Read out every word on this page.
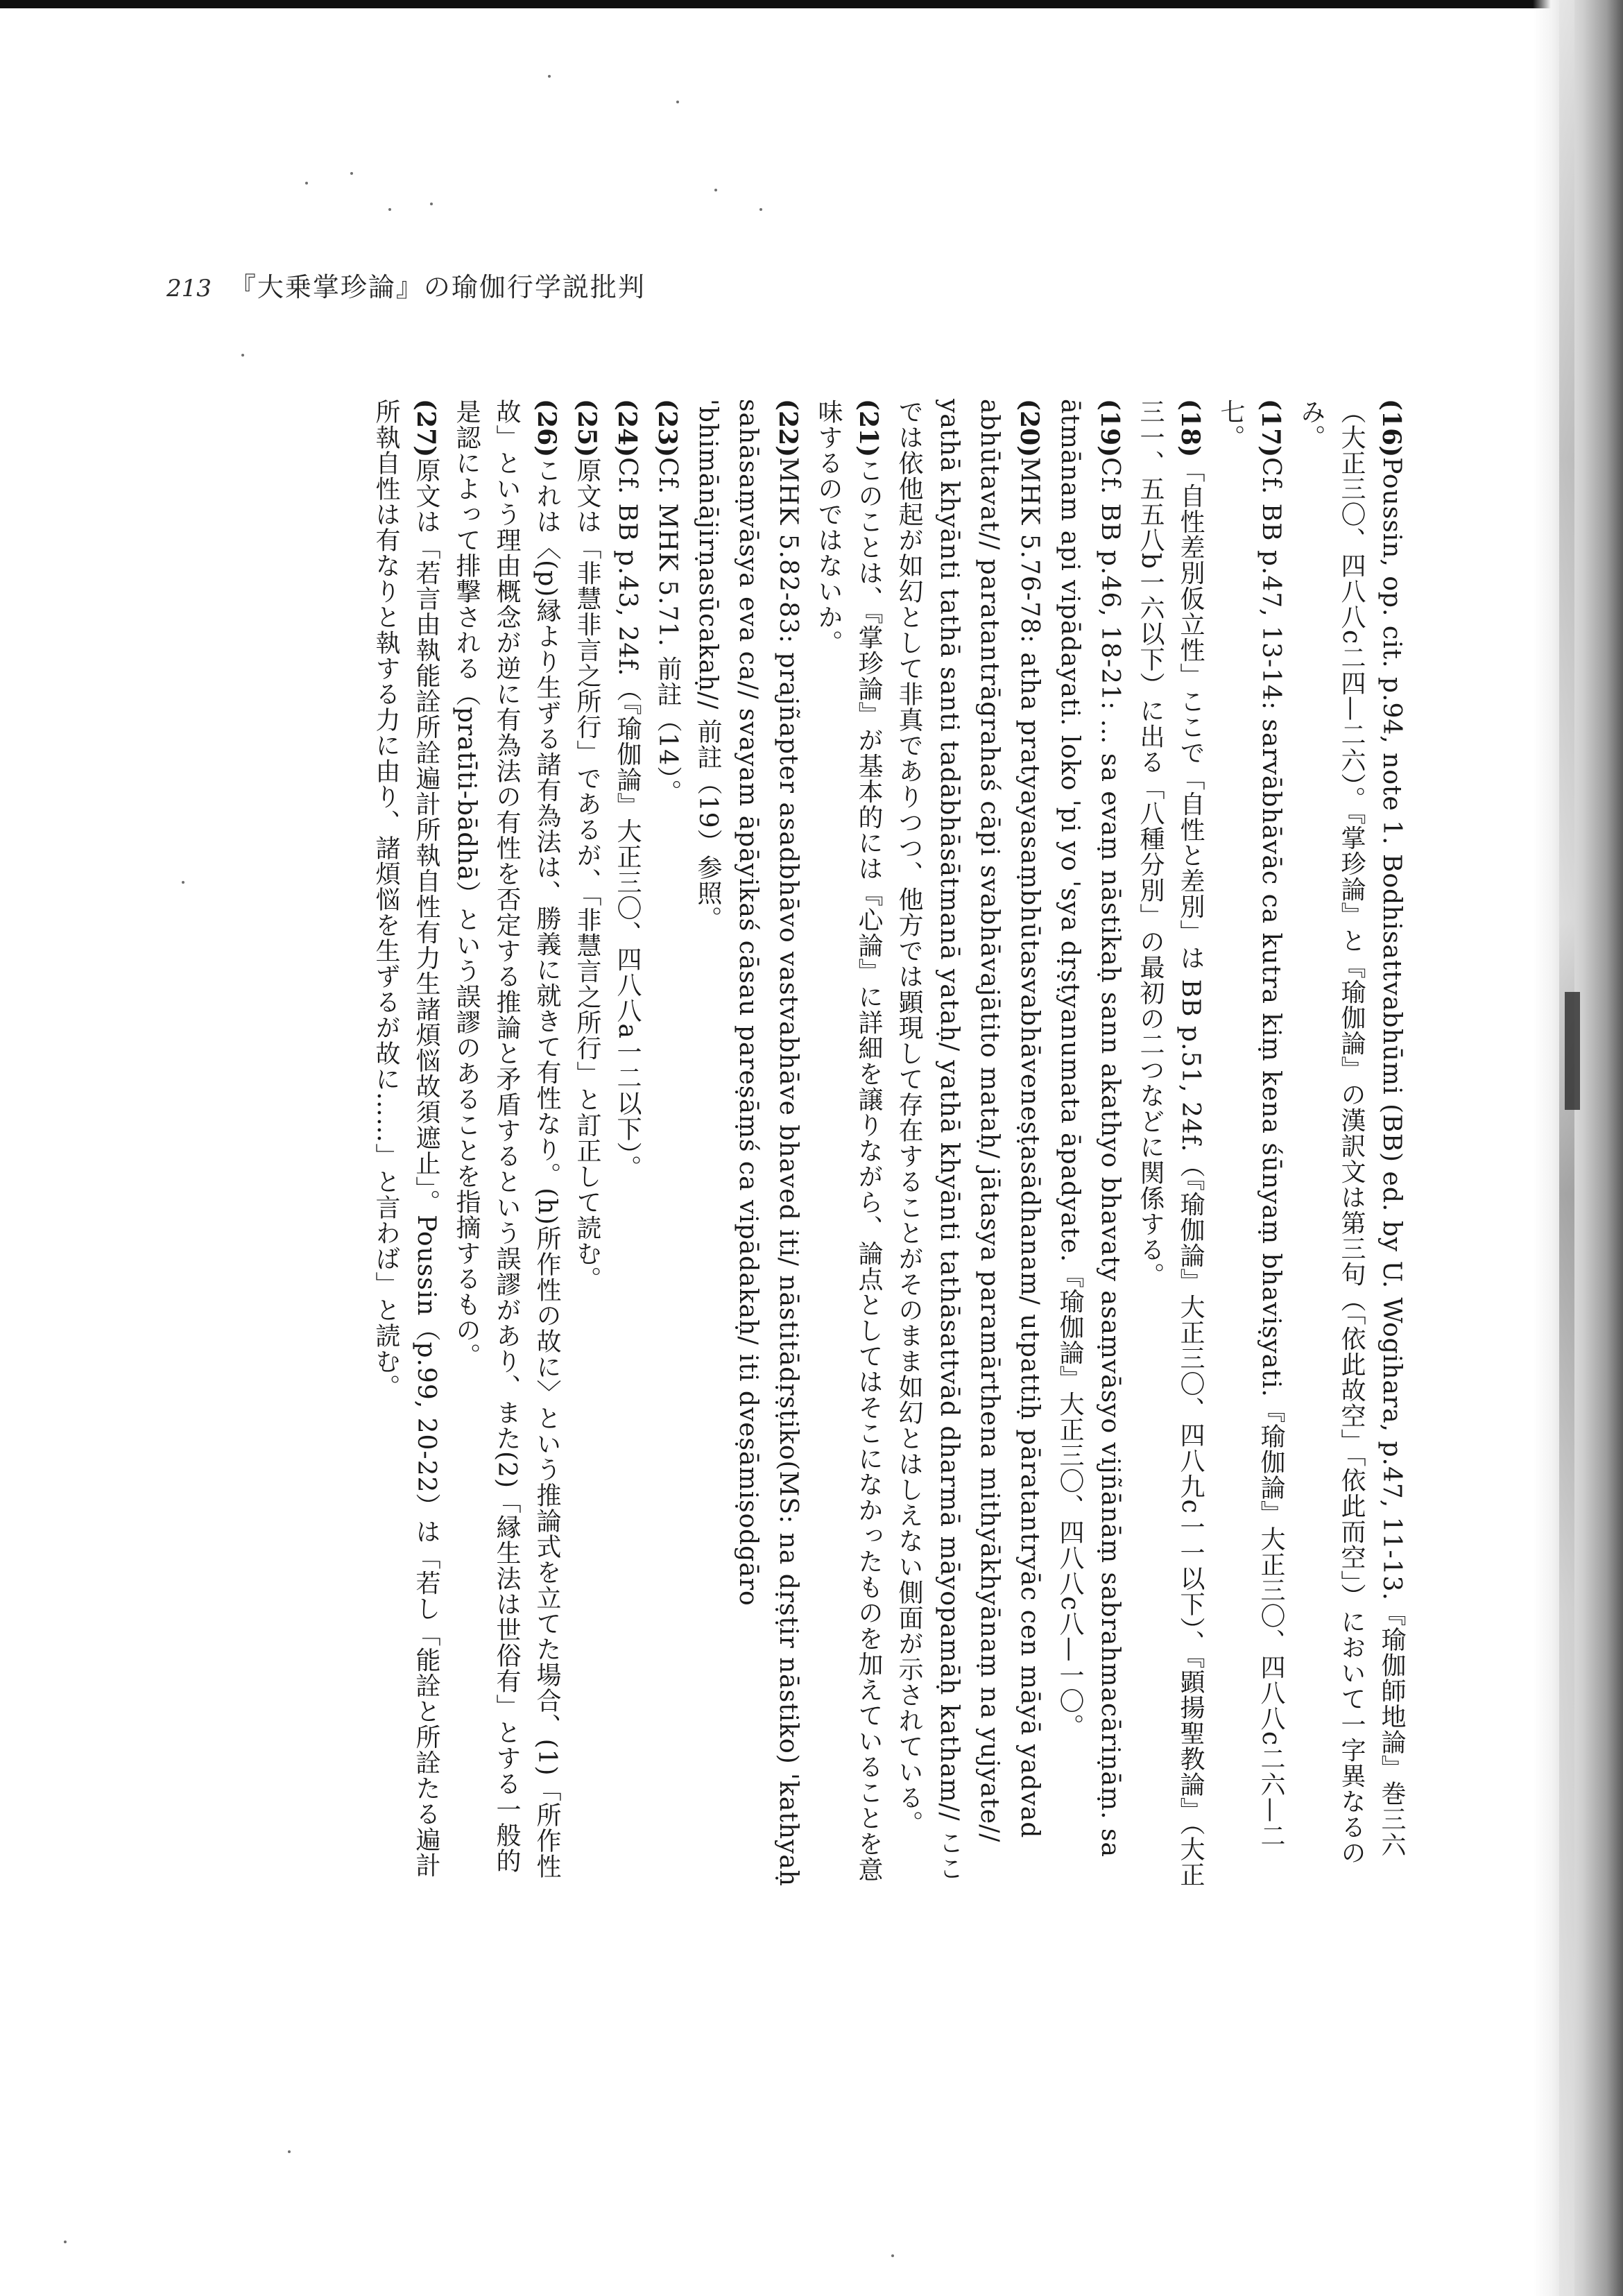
213 『大乗掌珍論』の瑜伽行学説批判

(16)Poussin, op. cit. p.94, note 1. Bodhisattvabhūmi (BB) ed. by U. Wogihara, p.47, 11-13.『瑜伽師地論』巻三六（大正三〇、四八八c二四—二六）。『掌珍論』と『瑜伽論』の漢訳文は第三句（「依此故空」「依此而空」）において一字異なるのみ。

(17)Cf. BB p.47, 13-14: sarvābhāvāc ca kutra kiṃ kena śūnyaṃ bhaviṣyati.『瑜伽論』大正三〇、四八八c二六—二七。

(18)「自性差別仮立性」ここで「自性と差別」は BB p.51, 24f.（『瑜伽論』大正三〇、四八九c一一以下）、『顕揚聖教論』（大正三一、五五八b一六以下）に出る「八種分別」の最初の二つなどに関係する。

(19)Cf. BB p.46, 18-21: … sa evaṃ nāstikaḥ sann akathyo bhavaty asaṃvāsyo vijñānāṃ sabrahmacāriṇāṃ. sa ātmānam api vipādayati. loko 'pi yo 'sya dṛṣṭyanumata āpadyate.『瑜伽論』大正三〇、四八八c八—一〇。

(20)MHK 5.76-78: atha pratyayasaṃbhūtasvabhāveneṣṭasādhanam/ utpattiḥ pāratantryāc cen māyā yadvad abhūtavat// paratantrāgrahaś cāpi svabhāvajātito mataḥ/ jātasya paramārthena mithyākhyānaṃ na yujyate// yathā khyānti tathā santi tadābhāsātmanā yataḥ/ yathā khyānti tathāsattvād dharmā māyopamāḥ katham// ここでは依他起が如幻として非真でありつつ、他方では顕現して存在することがそのまま如幻とはしえない側面が示されている。

(21)このことは、『掌珍論』が基本的には『心論』に詳細を譲りながら、論点としてはそこになかったものを加えていることを意味するのではないか。

(22)MHK 5.82-83: prajñapter asadbhāvo vastvabhāve bhaved iti/ nāstitādṛṣṭiko(MS: na dṛṣṭir nāstiko) 'kathyaḥ sahāsaṃvāsya eva ca// svayam āpāyikaś cāsau pareṣāṃś ca vipādakaḥ/ iti dveṣāmiṣodgāro 'bhimānājirṇasūcakaḥ// 前註（19）参照。

(23)Cf. MHK 5.71. 前註（14）。

(24)Cf. BB p.43, 24f.（『瑜伽論』大正三〇、四八八a一二以下）。

(25)原文は「非慧非言之所行」であるが、「非慧言之所行」と訂正して読む。

(26)これは〈(p)縁より生ずる諸有為法は、勝義に就きて有性なり。(h)所作性の故に〉という推論式を立てた場合、(1)「所作性故」という理由概念が逆に有為法の有性を否定する推論と矛盾するという誤謬があり、また(2)「縁生法は世俗有」とする一般的是認によって排撃される（pratīti-bādhā）という誤謬のあることを指摘するもの。

(27)原文は「若言由執能詮所詮遍計所執自性有力生諸煩悩故須遮止」。Poussin（p.99, 20-22）は「若し「能詮と所詮たる遍計所執自性は有なりと執する力に由り、諸煩悩を生ずるが故に……」と言わば」と読む。
